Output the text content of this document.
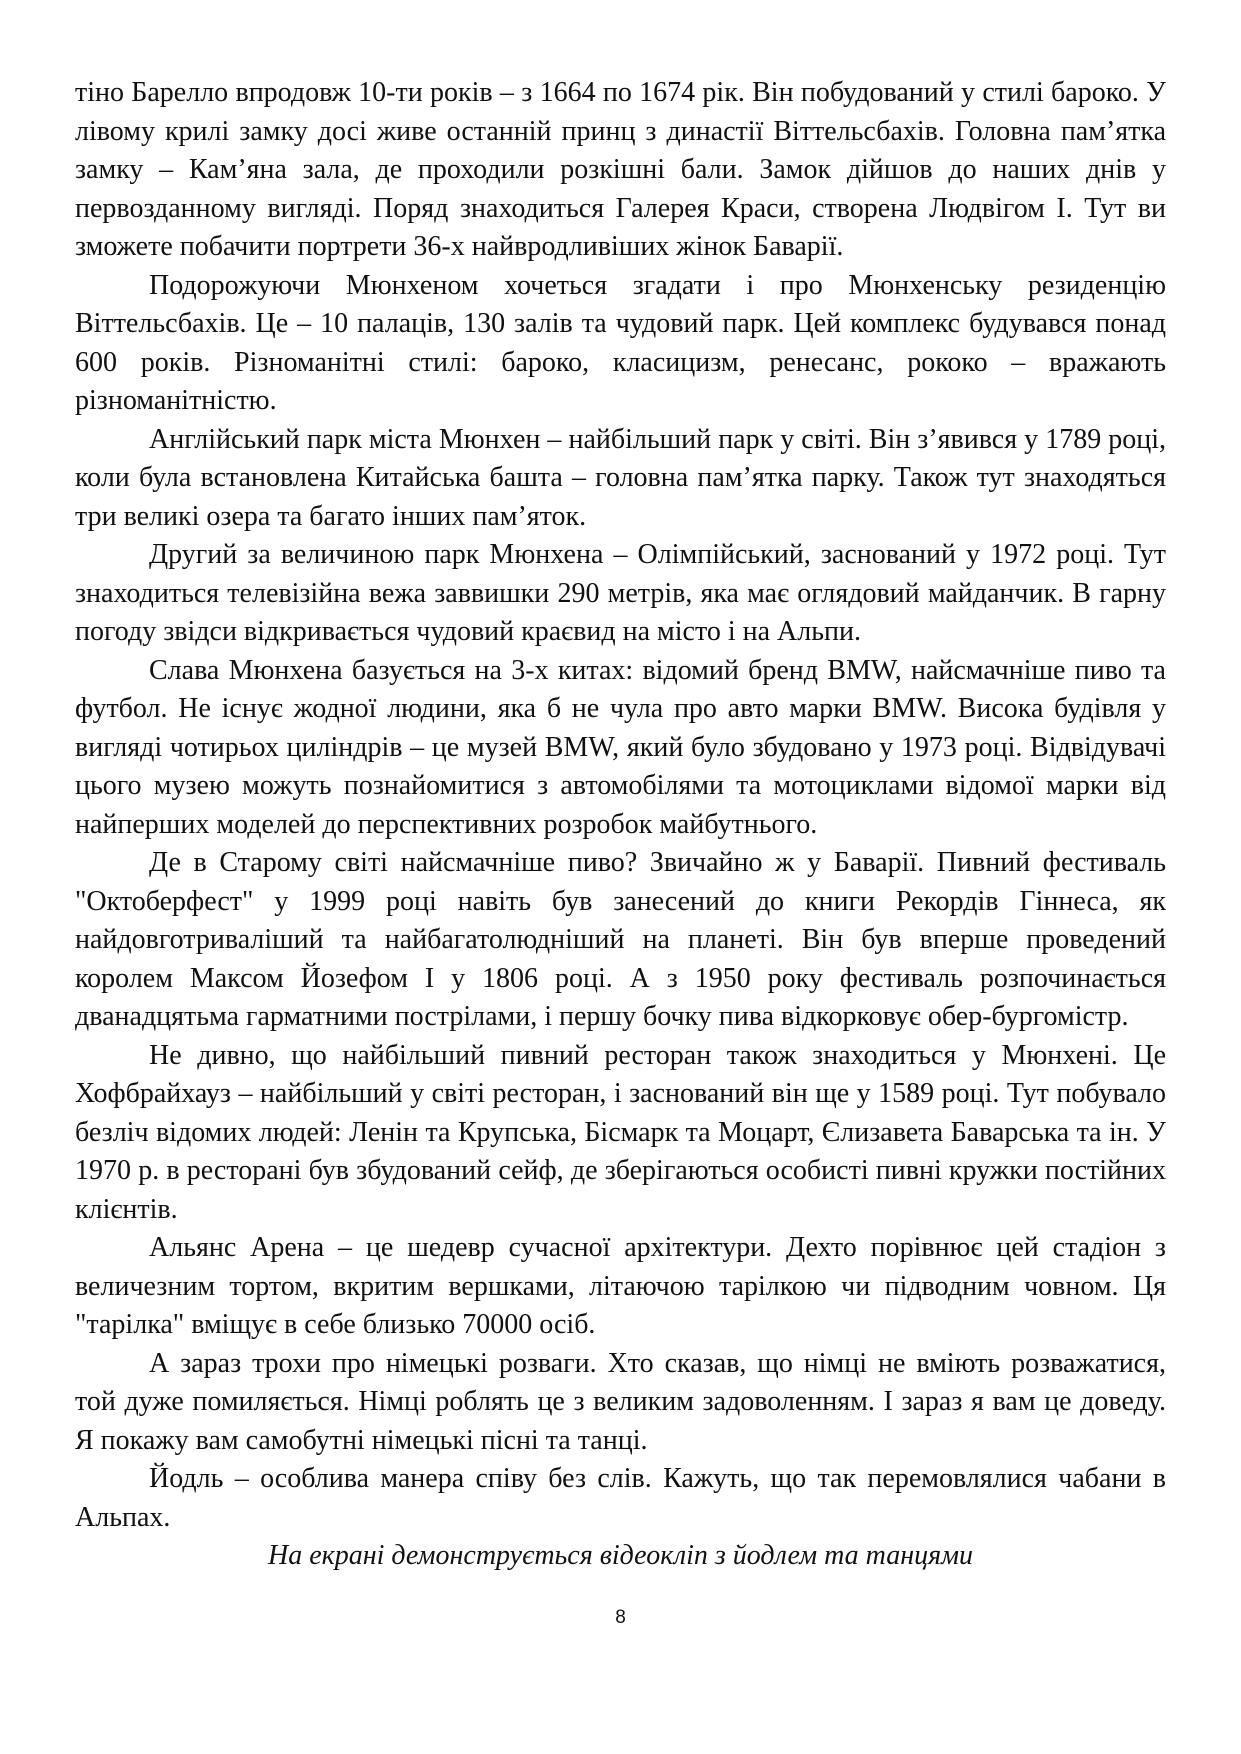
тіно Барелло впродовж 10-ти років – з 1664 по 1674 рік. Він побудований у стилі бароко. У лівому крилі замку досі живе останній принц з династії Віттельсбахів. Головна пам’ятка замку – Кам’яна зала, де проходили розкішні бали. Замок дійшов до наших днів у первозданному вигляді. Поряд знаходиться Галерея Краси, створена Людвігом І. Тут ви зможете побачити портрети 36-х найвродливіших жінок Баварії.

Подорожуючи Мюнхеном хочеться згадати і про Мюнхенську резиденцію Віттельсбахів. Це – 10 палаців, 130 залів та чудовий парк. Цей комплекс будувався понад 600 років. Різноманітні стилі: бароко, класицизм, ренесанс, рококо – вражають різноманітністю.

Англійський парк міста Мюнхен – найбільший парк у світі. Він з’явився у 1789 році, коли була встановлена Китайська башта – головна пам’ятка парку. Також тут знаходяться три великі озера та багато інших пам’яток.

Другий за величиною парк Мюнхена – Олімпійський, заснований у 1972 році. Тут знаходиться телевізійна вежа заввишки 290 метрів, яка має оглядовий майданчик. В гарну погоду звідси відкривається чудовий краєвид на місто і на Альпи.

Слава Мюнхена базується на 3-х китах: відомий бренд BMW, найсмачніше пиво та футбол. Не існує жодної людини, яка б не чула про авто марки BMW. Висока будівля у вигляді чотирьох циліндрів – це музей BMW, який було збудовано у 1973 році. Відвідувачі цього музею можуть познайомитися з автомобілями та мотоциклами відомої марки від найперших моделей до перспективних розробок майбутнього.

Де в Старому світі найсмачніше пиво? Звичайно ж у Баварії. Пивний фестиваль "Октоберфест" у 1999 році навіть був занесений до книги Рекордів Гіннеса, як найдовготриваліший та найбагатолюдніший на планеті. Він був вперше проведений королем Максом Йозефом І у 1806 році. А з 1950 року фестиваль розпочинається дванадцятьма гарматними пострілами, і першу бочку пива відкорковує обер-бургомістр.

Не дивно, що найбільший пивний ресторан також знаходиться у Мюнхені. Це Хофбрайхауз – найбільший у світі ресторан, і заснований він ще у 1589 році. Тут побувало безліч відомих людей: Ленін та Крупська, Бісмарк та Моцарт, Єлизавета Баварська та ін. У 1970 р. в ресторані був збудований сейф, де зберігаються особисті пивні кружки постійних клієнтів.

Альянс Арена – це шедевр сучасної архітектури. Дехто порівнює цей стадіон з величезним тортом, вкритим вершками, літаючою тарілкою чи підводним човном. Ця "тарілка" вміщує в себе близько 70000 осіб.

А зараз трохи про німецькі розваги. Хто сказав, що німці не вміють розважатися, той дуже помиляється. Німці роблять це з великим задоволенням. І зараз я вам це доведу. Я покажу вам самобутні німецькі пісні та танці.

Йодль – особлива манера співу без слів. Кажуть, що так перемовлялися чабани в Альпах.

На екрані демонструється відеокліп з йодлем та танцями

8
